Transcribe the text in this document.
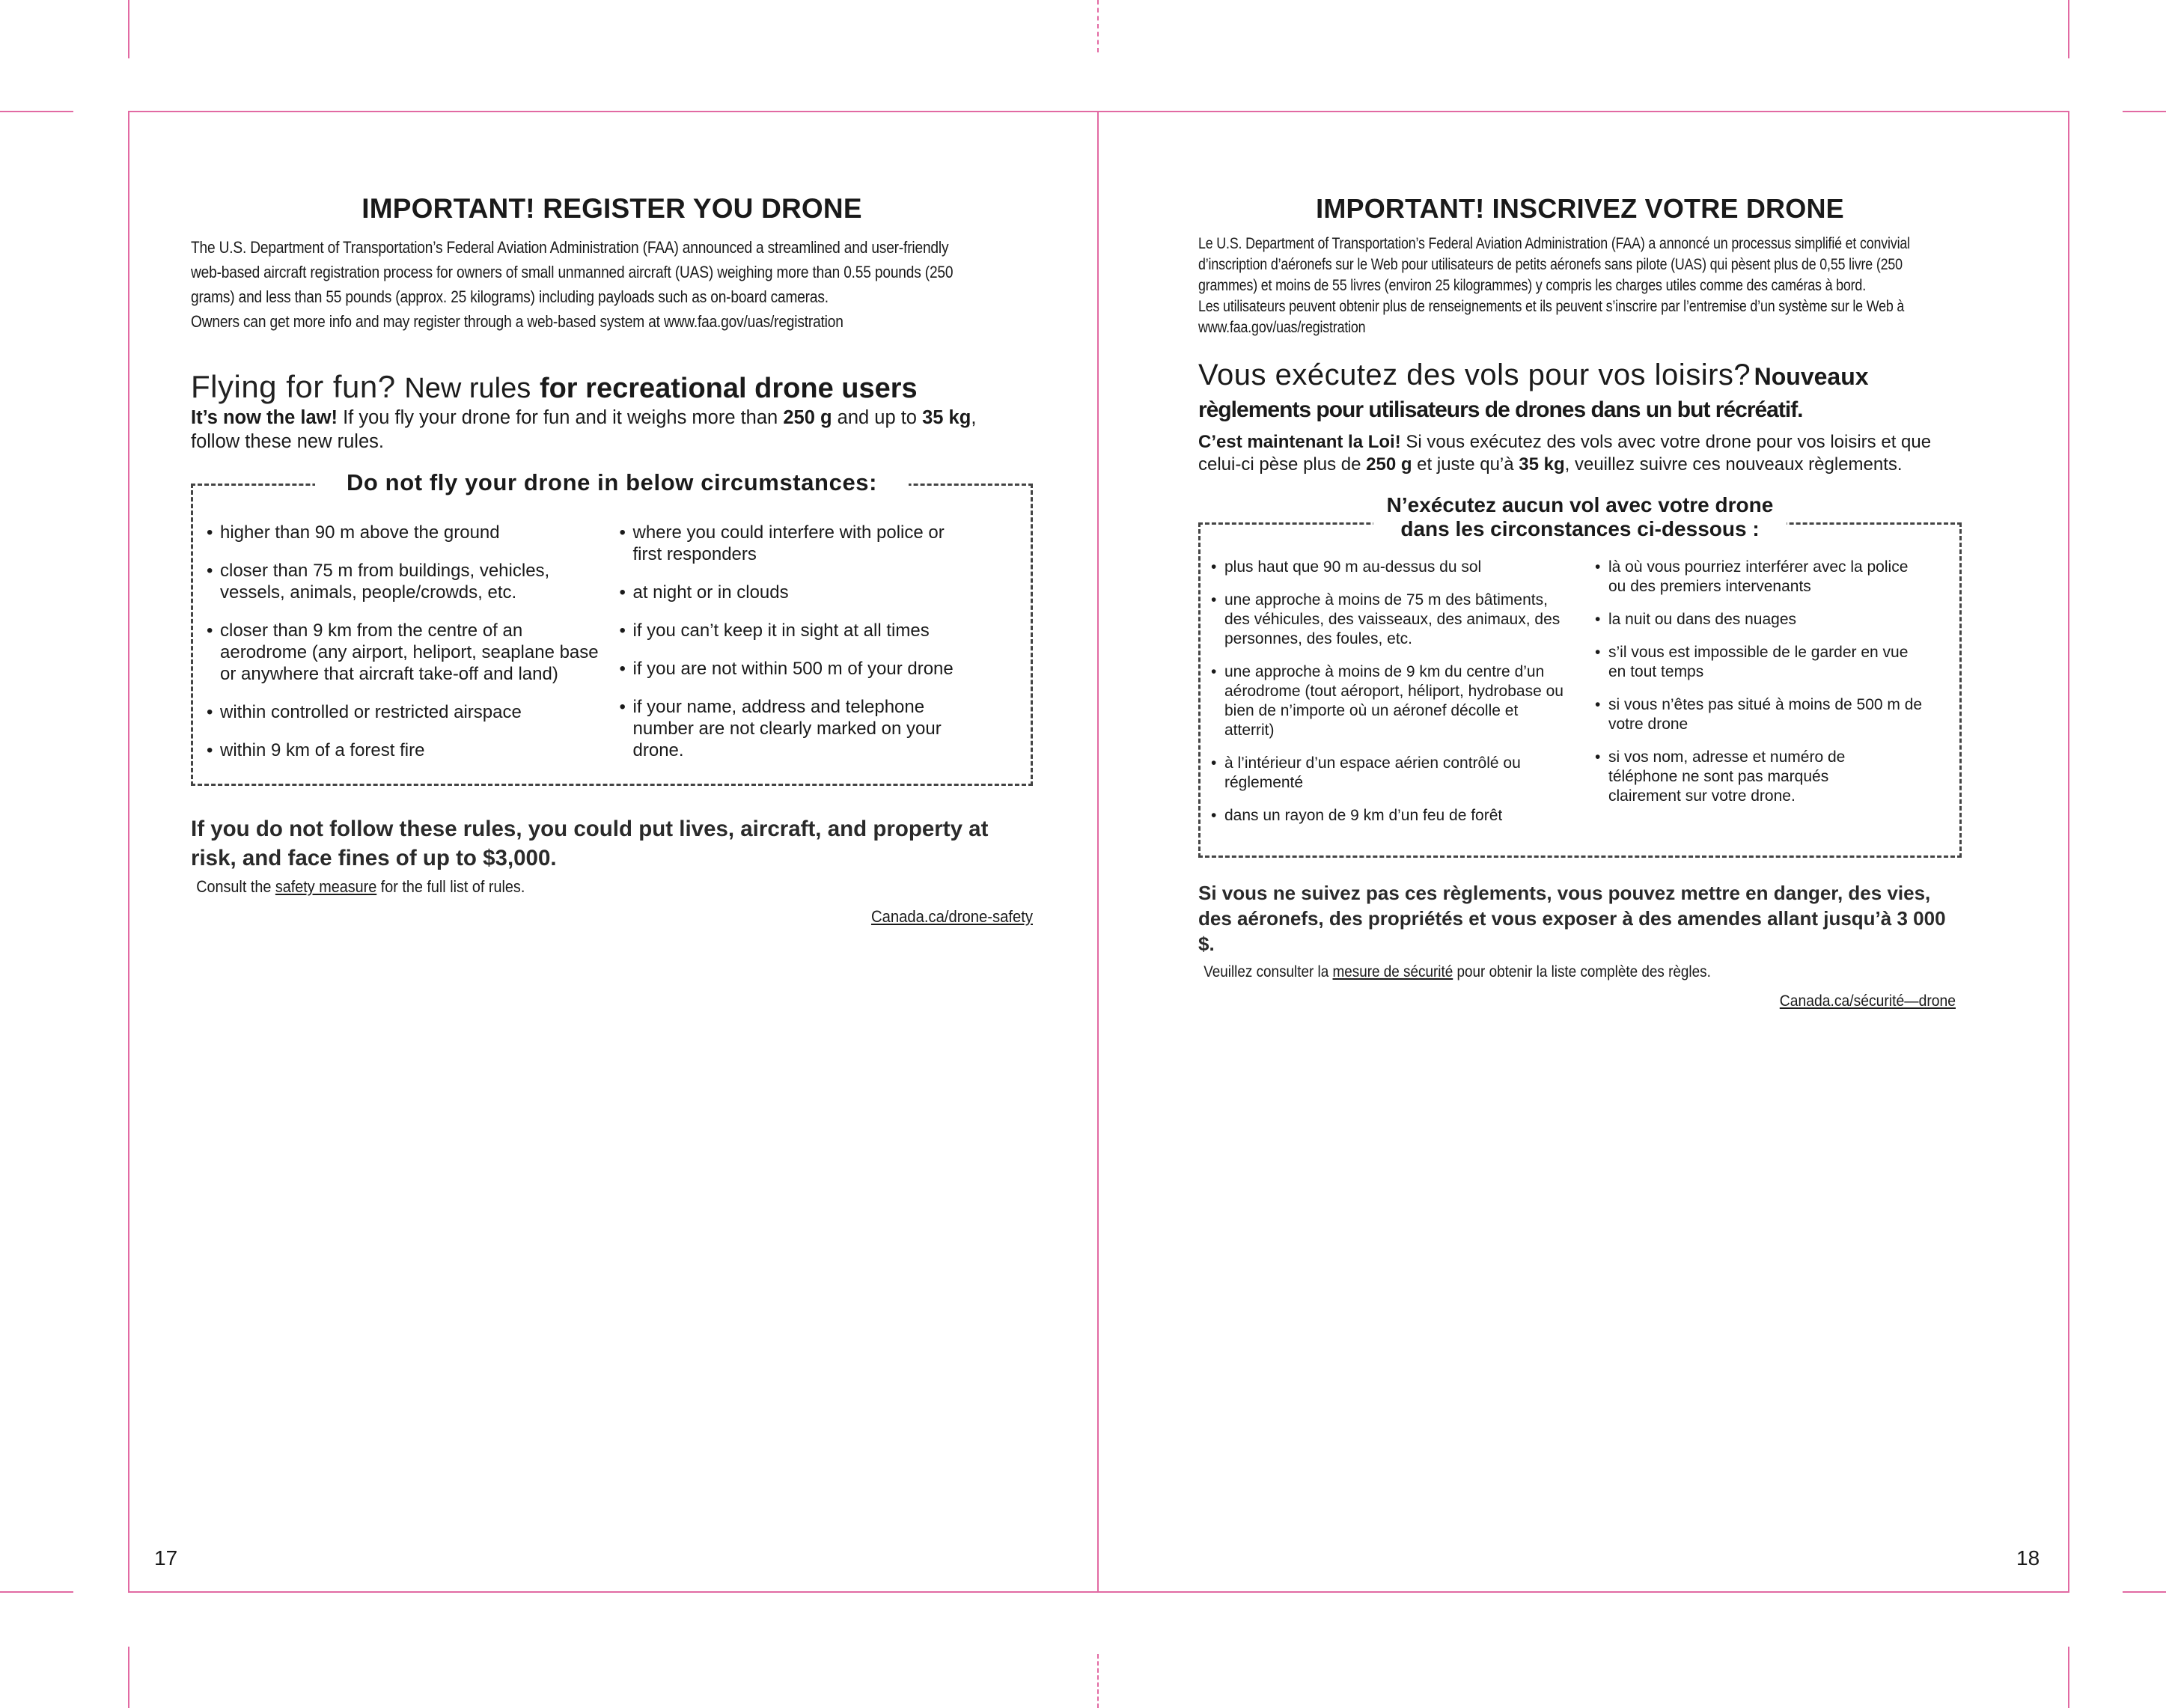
IMPORTANT! REGISTER YOU DRONE

The U.S. Department of Transportation’s Federal Aviation Administration (FAA) announced a streamlined and user-friendly

web-based aircraft registration process for owners of small unmanned aircraft (UAS) weighing more than 0.55 pounds (250

grams) and less than 55 pounds (approx. 25 kilograms) including payloads such as on-board cameras.

Owners can get more info and may register through a web-based system at www.faa.gov/uas/registration

Flying for fun? New rules for recreational drone users
It’s now the law! If you fly your drone for fun and it weighs more than 250 g and up to 35 kg,
follow these new rules.
Do not fly your drone in below circumstances:
• higher than 90 m above the ground
• closer than 75 m from buildings, vehicles, vessels, animals, people/crowds, etc.
• closer than 9 km from the centre of an aerodrome (any airport, heliport, seaplane base or anywhere that aircraft take-off and land)
• within controlled or restricted airspace
• within 9 km of a forest fire
• where you could interfere with police or first responders
• at night or in clouds
• if you can’t keep it in sight at all times
• if you are not within 500 m of your drone
• if your name, address and telephone number are not clearly marked on your drone.
If you do not follow these rules, you could put lives, aircraft, and property at risk, and face fines of up to $3,000.
Consult the safety measure for the full list of rules.
Canada.ca/drone-safety
17
IMPORTANT! INSCRIVEZ VOTRE DRONE

Le U.S. Department of Transportation’s Federal Aviation Administration (FAA) a annoncé un processus simplifié et convivial

d’inscription d’aéronefs sur le Web pour utilisateurs de petits aéronefs sans pilote (UAS) qui pèsent plus de 0,55 livre (250

grammes) et moins de 55 livres (environ 25 kilogrammes) y compris les charges utiles comme des caméras à bord.

Les utilisateurs peuvent obtenir plus de renseignements et ils peuvent s’inscrire par l’entremise d’un système sur le Web à

www.faa.gov/uas/registration

Vous exécutez des vols pour vos loisirs? Nouveaux
règlements pour utilisateurs de drones dans un but récréatif.
C’est maintenant la Loi! Si vous exécutez des vols avec votre drone pour vos loisirs et que
celui-ci pèse plus de 250 g et juste qu’à 35 kg, veuillez suivre ces nouveaux règlements.
N’exécutez aucun vol avec votre drone
dans les circonstances ci-dessous :
• plus haut que 90 m au-dessus du sol
• une approche à moins de 75 m des bâtiments, des véhicules, des vaisseaux, des animaux, des personnes, des foules, etc.
• une approche à moins de 9 km du centre d’un aérodrome (tout aéroport, héliport, hydrobase ou bien de n’importe où un aéronef décolle et atterrit)
• à l’intérieur d’un espace aérien contrôlé ou réglementé
• dans un rayon de 9 km d’un feu de forêt
• là où vous pourriez interférer avec la police ou des premiers intervenants
• la nuit ou dans des nuages
• s’il vous est impossible de le garder en vue en tout temps
• si vous n’êtes pas situé à moins de 500 m de votre drone
• si vos nom, adresse et numéro de téléphone ne sont pas marqués clairement sur votre drone.
Si vous ne suivez pas ces règlements, vous pouvez mettre en danger, des vies, des aéronefs, des propriétés et vous exposer à des amendes allant jusqu’à 3 000 $.
Veuillez consulter la mesure de sécurité pour obtenir la liste complète des règles.
Canada.ca/sécurité—drone
18
